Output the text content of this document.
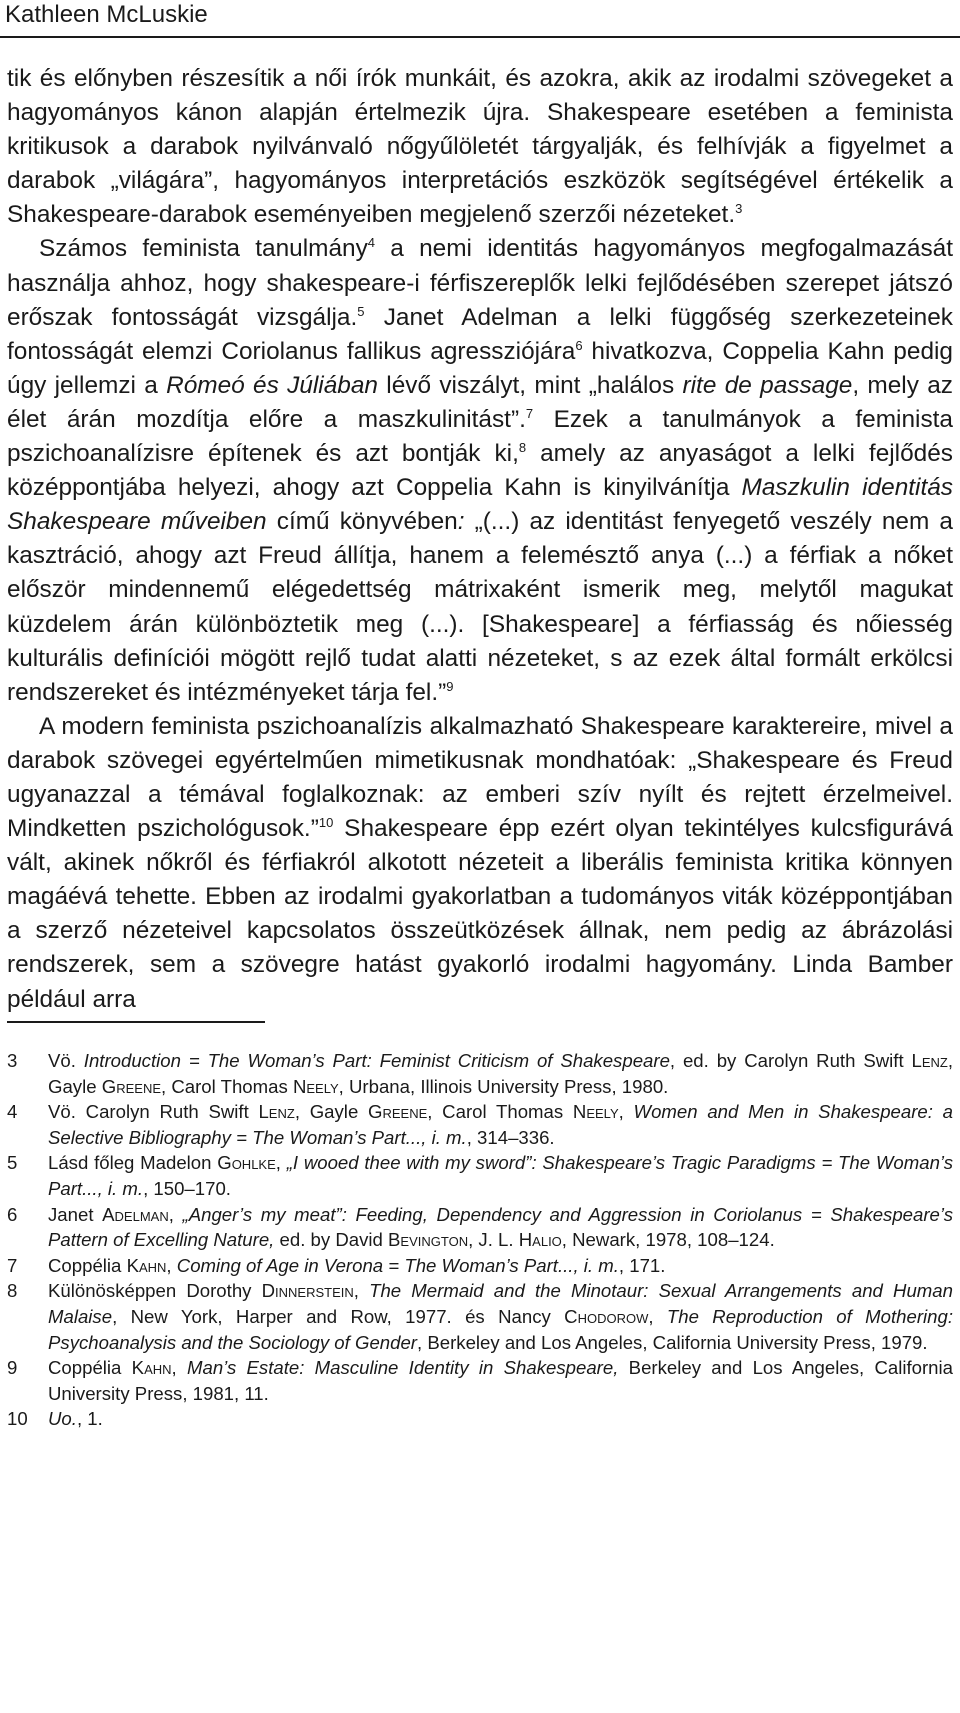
Kathleen McLuskie

tik és előnyben részesítik a női írók munkáit, és azokra, akik az irodalmi szövegeket a hagyományos kánon alapján értelmezik újra. Shakespeare esetében a feminista kritikusok a darabok nyilvánvaló nőgyűlöletét tárgyalják, és felhívják a figyelmet a darabok „világára”, hagyományos interpretációs eszközök segítségével értékelik a Shakespeare-darabok eseményeiben megjelenő szerzői nézeteket.$^3$

Számos feminista tanulmány$^4$ a nemi identitás hagyományos megfogalmazását használja ahhoz, hogy shakespeare-i férfiszereplők lelki fejlődésében szerepet játszó erőszak fontosságát vizsgálja.$^5$ Janet Adelman a lelki függőség szerkezeteinek fontosságát elemzi Coriolanus fallikus agressziójára$^6$ hivatkozva, Coppelia Kahn pedig úgy jellemzi a Rómeó és Júliában lévő viszályt, mint „halálos rite de passage, mely az élet árán mozdítja előre a maszkulinitást”.$^7$ Ezek a tanulmányok a feminista pszichoanalízisre építenek és azt bontják ki,$^8$ amely az anyaságot a lelki fejlődés középpontjába helyezi, ahogy azt Coppelia Kahn is kinyilvánítja Maszkulin identitás Shakespeare műveiben című könyvében: „(...) az identitást fenyegető veszély nem a kasztráció, ahogy azt Freud állítja, hanem a felemésztő anya (...) a férfiak a nőket először mindennemű elégedettség mátrixaként ismerik meg, melytől magukat küzdelem árán különböztetik meg (...). [Shakespeare] a férfiasság és nőiesség kulturális definíciói mögött rejlő tudat alatti nézeteket, s az ezek által formált erkölcsi rendszereket és intézményeket tárja fel.”$^9$

A modern feminista pszichoanalízis alkalmazható Shakespeare karaktereire, mivel a darabok szövegei egyértelműen mimetikusnak mondhatóak: „Shakespeare és Freud ugyanazzal a témával foglalkoznak: az emberi szív nyílt és rejtett érzelmeivel. Mindketten pszichológusok.”$^{10}$ Shakespeare épp ezért olyan tekintélyes kulcsfigurává vált, akinek nőkről és férfiakról alkotott nézeteit a liberális feminista kritika könnyen magáévá tehette. Ebben az irodalmi gyakorlatban a tudományos viták középpontjában a szerző nézeteivel kapcsolatos összeütközések állnak, nem pedig az ábrázolási rendszerek, sem a szövegre hatást gyakorló irodalmi hagyomány. Linda Bamber például arra

3 Vö. Introduction = The Woman’s Part: Feminist Criticism of Shakespeare, ed. by Carolyn Ruth Swift Lenz, Gayle Greene, Carol Thomas Neely, Urbana, Illinois University Press, 1980.
4 Vö. Carolyn Ruth Swift Lenz, Gayle Greene, Carol Thomas Neely, Women and Men in Shakespeare: a Selective Bibliography = The Woman’s Part..., i. m., 314–336.
5 Lásd főleg Madelon Gohlke, „I wooed thee with my sword”: Shakespeare’s Tragic Paradigms = The Woman’s Part..., i. m., 150–170.
6 Janet Adelman, „Anger’s my meat”: Feeding, Dependency and Aggression in Coriolanus = Shakespeare’s Pattern of Excelling Nature, ed. by David Bevington, J. L. Halio, Newark, 1978, 108–124.
7 Coppélia Kahn, Coming of Age in Verona = The Woman’s Part..., i. m., 171.
8 Különösképpen Dorothy Dinnerstein, The Mermaid and the Minotaur: Sexual Arrangements and Human Malaise, New York, Harper and Row, 1977. és Nancy Chodorow, The Reproduction of Mothering: Psychoanalysis and the Sociology of Gender, Berkeley and Los Angeles, California University Press, 1979.
9 Coppélia Kahn, Man’s Estate: Masculine Identity in Shakespeare, Berkeley and Los Angeles, California University Press, 1981, 11.
10 Uo., 1.
